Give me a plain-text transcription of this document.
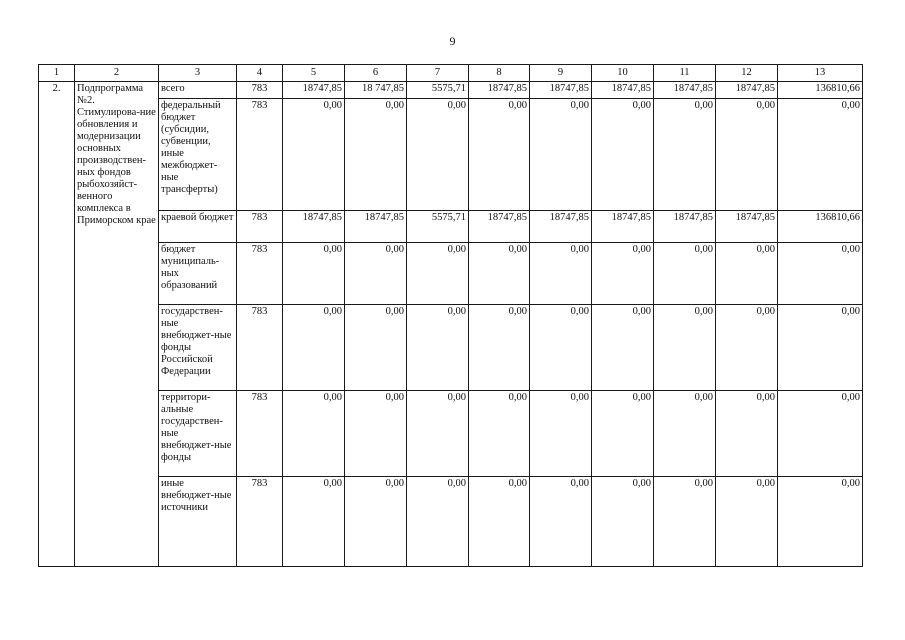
9
1	2	3	4	5	6	7	8	9	10	11	12	13
2.	Подпрограмма №2. Стимулирова-ние обновления и модернизации основных производствен-ных фондов рыбохозяйст-венного комплекса в Приморском крае	всего	783	18747,85	18 747,85	5575,71	18747,85	18747,85	18747,85	18747,85	18747,85	136810,66
		федеральный бюджет (субсидии, субвенции, иные межбюджет-ные трансферты)	783	0,00	0,00	0,00	0,00	0,00	0,00	0,00	0,00	0,00
		краевой бюджет	783	18747,85	18747,85	5575,71	18747,85	18747,85	18747,85	18747,85	18747,85	136810,66
		бюджет муниципаль-ных образований	783	0,00	0,00	0,00	0,00	0,00	0,00	0,00	0,00	0,00
		государствен-ные внебюджет-ные фонды Российской Федерации	783	0,00	0,00	0,00	0,00	0,00	0,00	0,00	0,00	0,00
		территори-альные государствен-ные внебюджет-ные фонды	783	0,00	0,00	0,00	0,00	0,00	0,00	0,00	0,00	0,00
		иные внебюджет-ные источники	783	0,00	0,00	0,00	0,00	0,00	0,00	0,00	0,00	0,00
